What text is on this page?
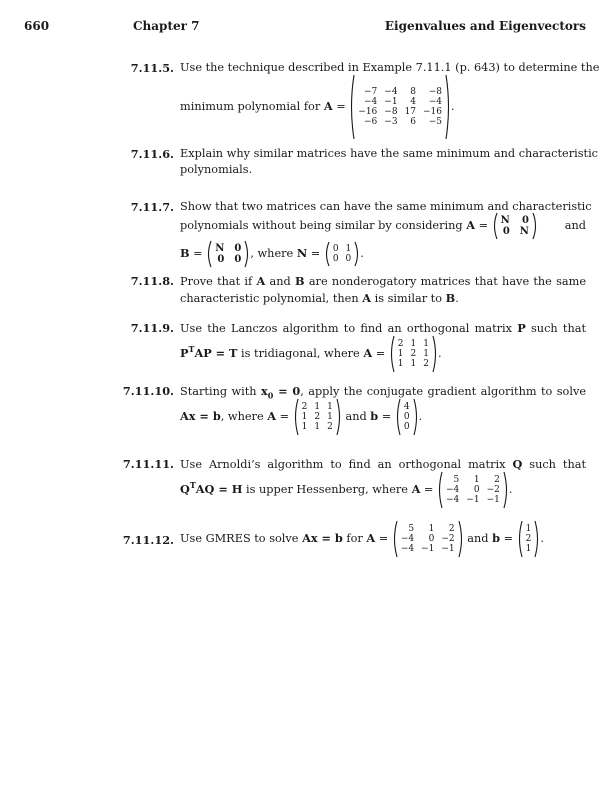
660	Chapter 7	Eigenvalues and Eigenvectors
7.11.5. Use the technique described in Example 7.11.1 (p. 643) to determine the
minimum polynomial for A =
−7 −4	8	−8
−4 −1	4	−4
−16 −8 17 −16
−6 −3	6	−5
.
7.11.6. Explain why similar matrices have the same minimum and characteristic
polynomials.
7.11.7. Show that two matrices can have the same minimum and characteristic
polynomials without being similar by considering A = N 0
0 N	and
B = N 0
0 0 , where N = 0 1
0 0 .
7.11.8. Prove that if A and B are nonderogatory matrices that have the same
characteristic polynomial, then A is similar to B.
7.11.9. Use the Lanczos algorithm to find an orthogonal matrix P such that
$P^TAP = T$ is tridiagonal, where A =
2 1 1
1 2 1
1 1 2
.
7.11.10. Starting with $x_0 = 0$, apply the conjugate gradient algorithm to solve
Ax = b, where A =
2 1 1
1 2 1
1 1 2
and b =
4
0
0
.
7.11.11. Use Arnoldi’s algorithm to find an orthogonal matrix Q such that
$Q^TAQ = H$ is upper Hessenberg, where A =
5	1	2
−4	0 −2
−4 −1 −1
.
7.11.12. Use GMRES to solve Ax = b for A =
5	1	2
−4	0 −2
−4 −1 −1
and b =
1
2
1
.
